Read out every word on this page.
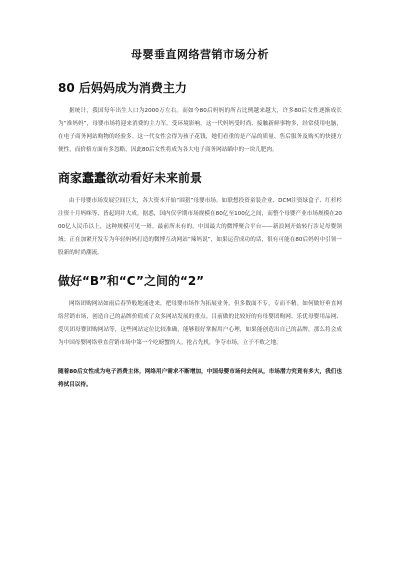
母婴垂直网络营销市场分析
80 后妈妈成为消费主力

据统计，我国每年出生人口为2000万左右。而如今80后妈妈的所占比例越来越大，许多80后女性逐渐成长为“准妈妈”，母婴市场将迎来消费的主力军。受环境影响，这一代妈妈受时尚、接触新鲜事物多，经常使用电脑，在电子商务网站购物的经验多。这一代女性会得为孩子花钱，她们看重的是产品的质量、售后服务及购买的快捷方便性，而价格方面有多忽略，因此80后女性将成为各大电子商务网站瞄中的一块儿肥肉。

商家蠢蠢欲动看好未来前景

由于母婴市场发展空间巨大，各大资本开始“围猎”母婴市场。如联想投资童装企业、DCM注资绿盒子、红杉杉注资十月妈咪等，皆起到并大成。据悉，国内仅孕期市场规模在80亿至100亿之间，而整个母婴产业市场规模在2000亿人民币以上，这种规模可见一斑。最前所未有的。中国最大的微博聚合平台——新浪网开始转行涉足母婴领域；正在加紧开发专为年轻妈妈打造的微博互动网站“辣妈说”，如果运营成功的话，很有可能在80后妈妈中引领一股新的时尚潮流。

做好“B”和“C”之间的“2”

网络团购网站如雨后春笋般地涌进来，把母婴市场作为拓展业务，但多数面不专，专而不精。如何做好垂直网络营销市场，创造自己的品牌价值成了众多网站发展的重点。目前做的比较好的有母婴团购网、乐优母婴用品网、爱贝团母婴团购网站等，这些网站定位比较准确，能够很好掌握用户心理，如果能创造出自己的品牌，那么将会成为中国母婴网络垂直营销市场中第一个吃螃蟹的人，抢占先机，争夺市场，立于不败之地。

随着80后女性成为电子消费主体，网络用户需求不断增加，中国母婴市场何去何从，市场潜力究竟有多大，我们也将拭目以待。
